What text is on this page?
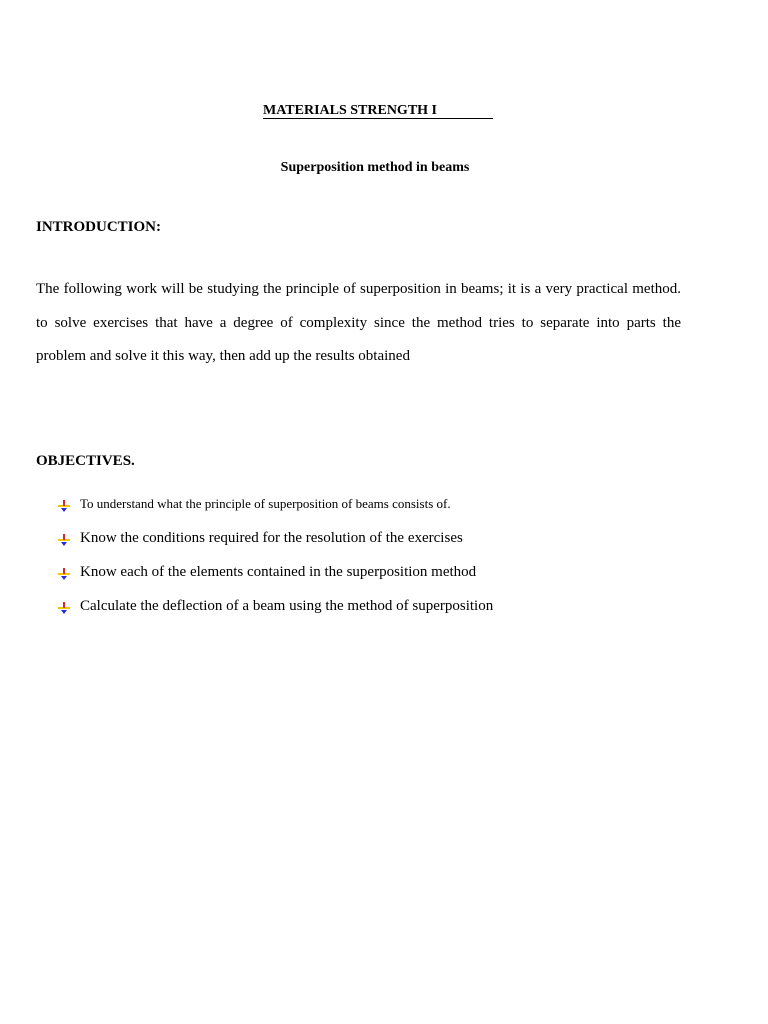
MATERIALS STRENGTH I
Superposition method in beams
INTRODUCTION:
The following work will be studying the principle of superposition in beams; it is a very practical method.
to solve exercises that have a degree of complexity since the method tries to separate into parts the
problem and solve it this way, then add up the results obtained
OBJECTIVES.
To understand what the principle of superposition of beams consists of.
Know the conditions required for the resolution of the exercises
Know each of the elements contained in the superposition method
Calculate the deflection of a beam using the method of superposition
